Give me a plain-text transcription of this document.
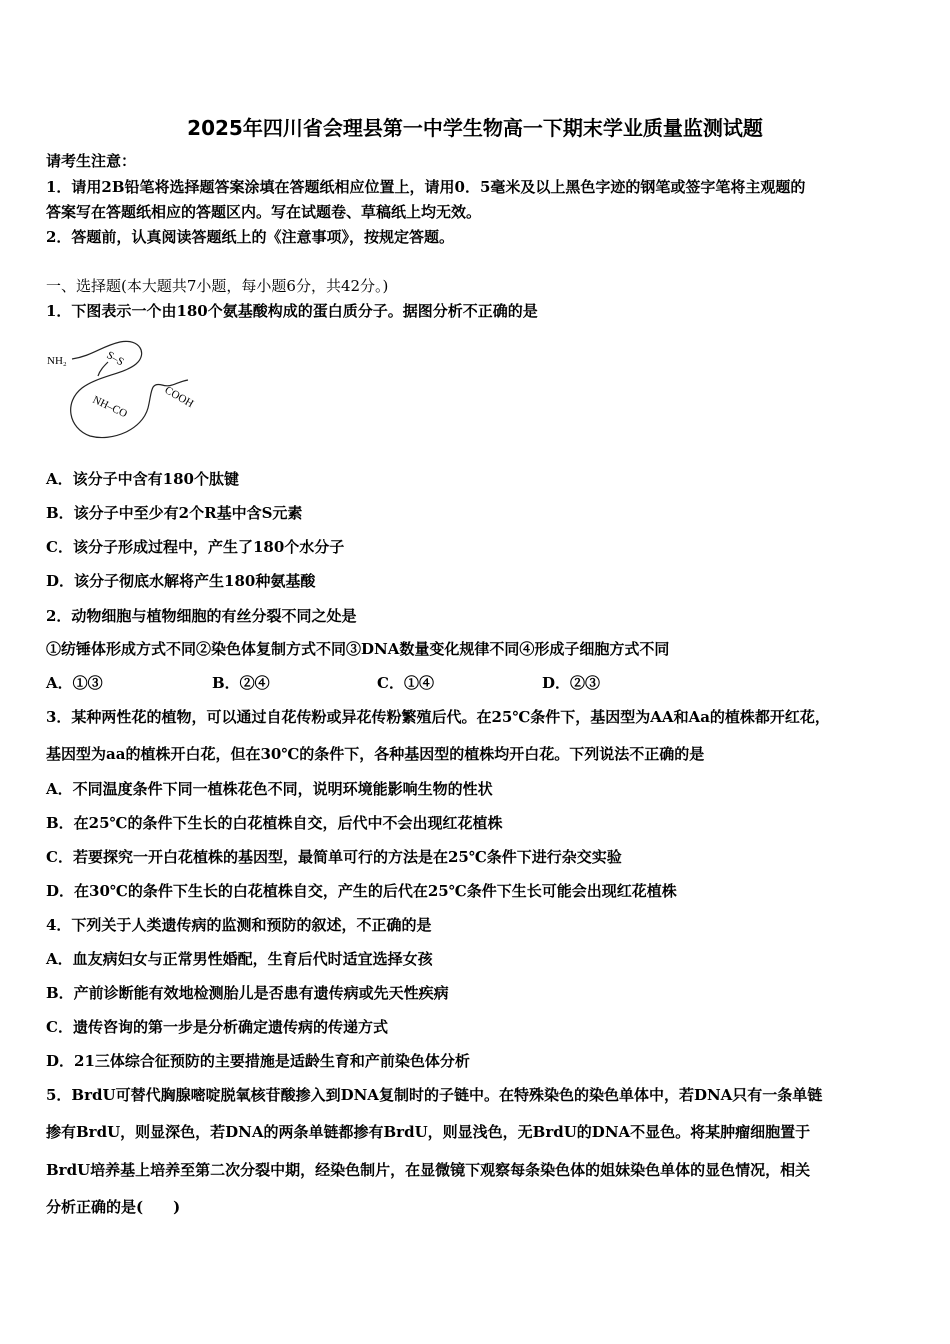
2025年四川省会理县第一中学生物高一下期末学业质量监测试题
请考生注意：
1．请用2B铅笔将选择题答案涂填在答题纸相应位置上，请用0．5毫米及以上黑色字迹的钢笔或签字笔将主观题的
答案写在答题纸相应的答题区内。写在试题卷、草稿纸上均无效。
2．答题前，认真阅读答题纸上的《注意事项》，按规定答题。
一、选择题(本大题共7小题，每小题6分，共42分。)
1．下图表示一个由180个氨基酸构成的蛋白质分子。据图分析不正确的是
NH₂	S–S
NH–CO	COOH
A．该分子中含有180个肽键
B．该分子中至少有2个R基中含S元素
C．该分子形成过程中，产生了180个水分子
D．该分子彻底水解将产生180种氨基酸
2．动物细胞与植物细胞的有丝分裂不同之处是
①纺锤体形成方式不同②染色体复制方式不同③DNA数量变化规律不同④形成子细胞方式不同
A．①③	B．②④	C．①④	D．②③
3．某种两性花的植物，可以通过自花传粉或异花传粉繁殖后代。在25℃条件下，基因型为AA和Aa的植株都开红花，
基因型为aa的植株开白花，但在30℃的条件下，各种基因型的植株均开白花。下列说法不正确的是
A．不同温度条件下同一植株花色不同，说明环境能影响生物的性状
B．在25℃的条件下生长的白花植株自交，后代中不会出现红花植株
C．若要探究一开白花植株的基因型，最简单可行的方法是在25℃条件下进行杂交实验
D．在30℃的条件下生长的白花植株自交，产生的后代在25℃条件下生长可能会出现红花植株
4．下列关于人类遗传病的监测和预防的叙述，不正确的是
A．血友病妇女与正常男性婚配，生育后代时适宜选择女孩
B．产前诊断能有效地检测胎儿是否患有遗传病或先天性疾病
C．遗传咨询的第一步是分析确定遗传病的传递方式
D．21三体综合征预防的主要措施是适龄生育和产前染色体分析
5．BrdU可替代胸腺嘧啶脱氧核苷酸掺入到DNA复制时的子链中。在特殊染色的染色单体中，若DNA只有一条单链
掺有BrdU，则显深色，若DNA的两条单链都掺有BrdU，则显浅色，无BrdU的DNA不显色。将某肿瘤细胞置于
BrdU培养基上培养至第二次分裂中期，经染色制片，在显微镜下观察每条染色体的姐妹染色单体的显色情况，相关
分析正确的是(　　)
